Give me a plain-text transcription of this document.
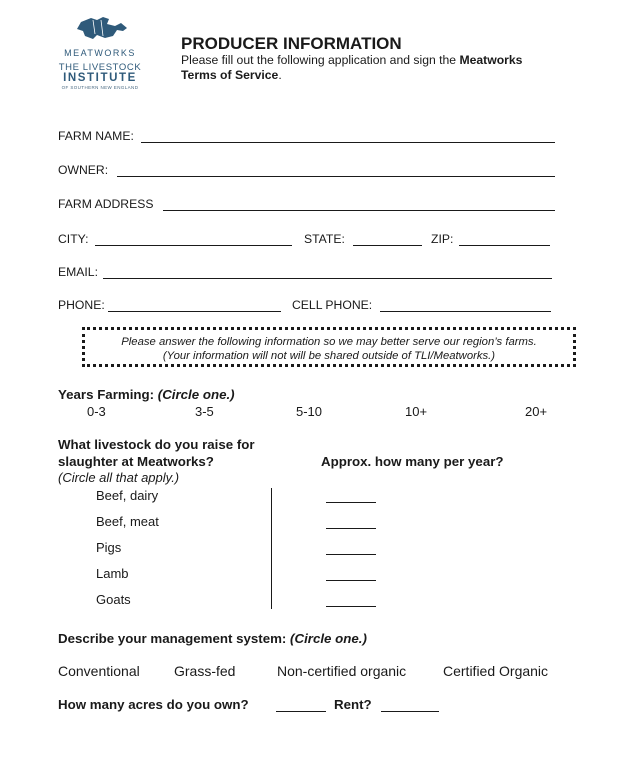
MEATWORKS
THE LIVESTOCK
INSTITUTE
OF SOUTHERN NEW ENGLAND
PRODUCER INFORMATION

Please fill out the following application and sign the Meatworks Terms of Service.

FARM NAME:
OWNER:
FARM ADDRESS
CITY:	STATE:	ZIP:
EMAIL:
PHONE:	CELL PHONE:
Please answer the following information so we may better serve our region’s farms.
(Your information will not will be shared outside of TLI/Meatworks.)
Years Farming: (Circle one.)
0-3	3-5	5-10	10+	20+
What livestock do you raise for
slaughter at Meatworks?
(Circle all that apply.)
Approx. how many per year?
Beef, dairy
Beef, meat
Pigs
Lamb
Goats
Describe your management system: (Circle one.)
Conventional Grass-fed	Non-certified organic	Certified Organic
How many acres do you own?	Rent?
